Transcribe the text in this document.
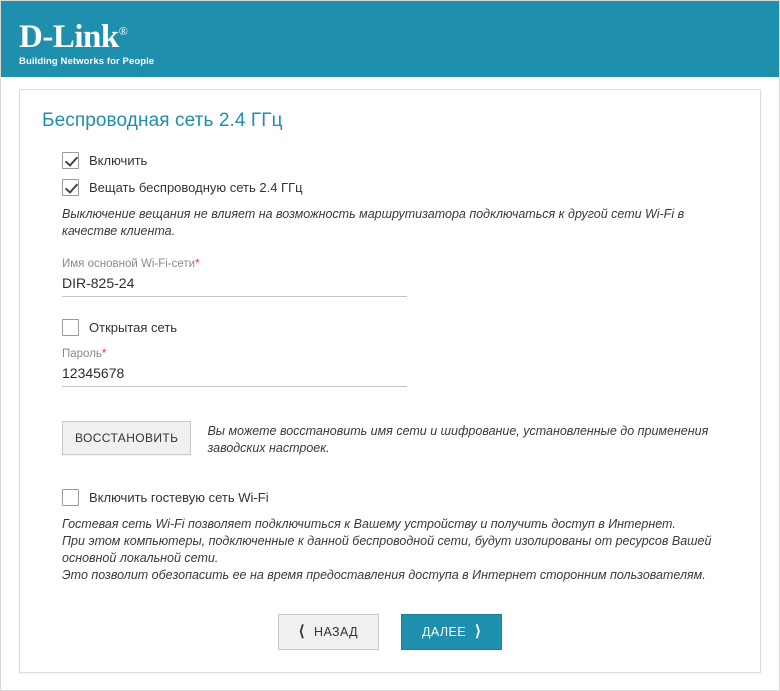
D-Link®
Building Networks for People
Беспроводная сеть 2.4 ГГц
Включить
Вещать беспроводную сеть 2.4 ГГц
Выключение вещания не влияет на возможность маршрутизатора подключаться к другой сети Wi-Fi в качестве клиента.
Имя основной Wi-Fi-сети*
DIR-825-24
Открытая сеть
Пароль*
12345678
ВОССТАНОВИТЬ	Вы можете восстановить имя сети и шифрование, установленные до применения заводских настроек.
Включить гостевую сеть Wi-Fi
Гостевая сеть Wi-Fi позволяет подключиться к Вашему устройству и получить доступ в Интернет.
При этом компьютеры, подключенные к данной беспроводной сети, будут изолированы от ресурсов Вашей основной локальной сети.
Это позволит обезопасить ее на время предоставления доступа в Интернет сторонним пользователям.
⟨ НАЗАД	ДАЛЕЕ ⟩
